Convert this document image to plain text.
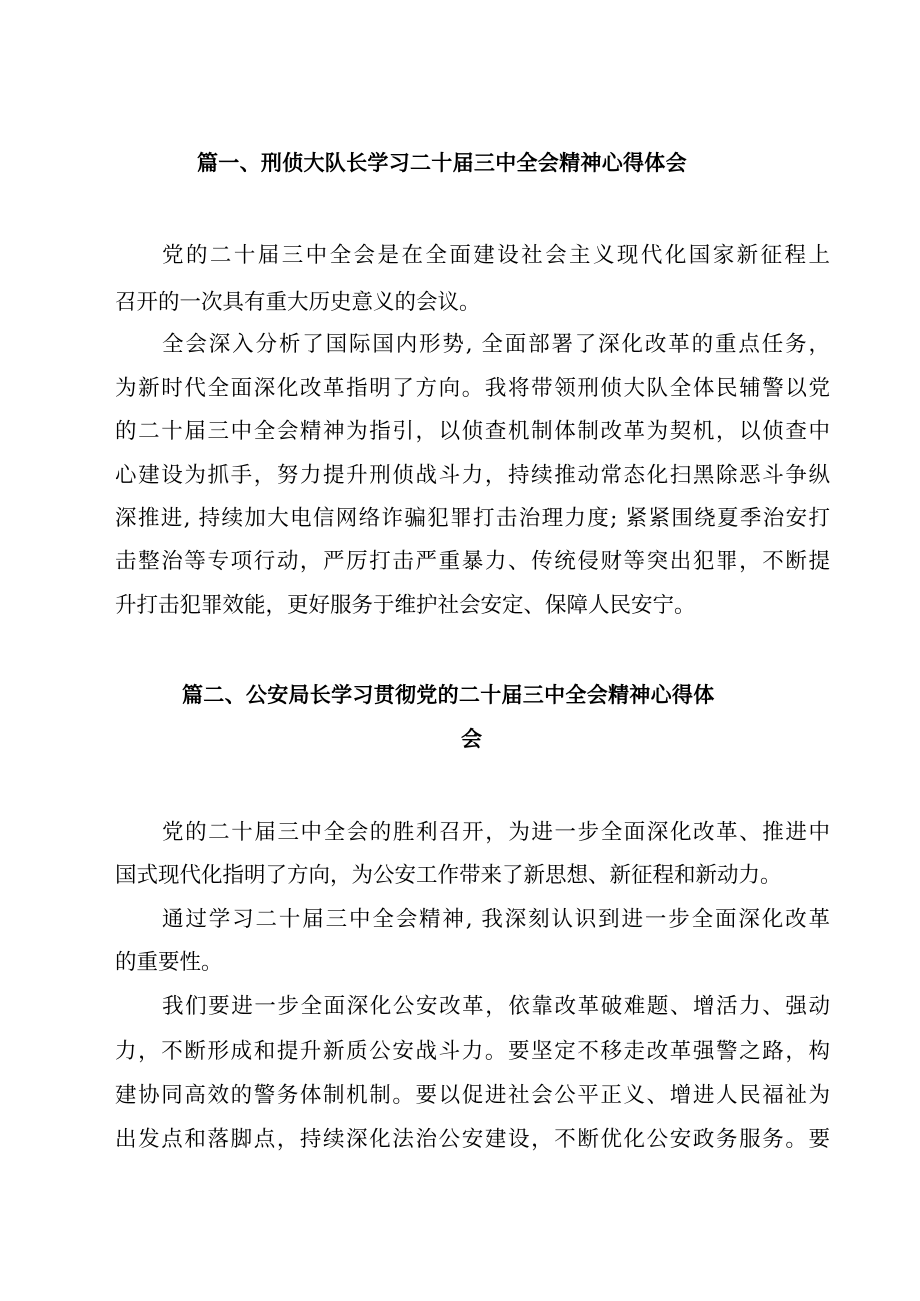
篇一、刑侦大队长学习二十届三中全会精神心得体会
党的二十届三中全会是在全面建设社会主义现代化国家新征程上
召开的一次具有重大历史意义的会议。
全会深入分析了国际国内形势, 全面部署了深化改革的重点任务，
为新时代全面深化改革指明了方向。我将带领刑侦大队全体民辅警以党
的二十届三中全会精神为指引，以侦查机制体制改革为契机，以侦查中
心建设为抓手，努力提升刑侦战斗力，持续推动常态化扫黑除恶斗争纵
深推进, 持续加大电信网络诈骗犯罪打击治理力度; 紧紧围绕夏季治安打
击整治等专项行动，严厉打击严重暴力、传统侵财等突出犯罪，不断提
升打击犯罪效能，更好服务于维护社会安定、保障人民安宁。
篇二、公安局长学习贯彻党的二十届三中全会精神心得体
会
党的二十届三中全会的胜利召开，为进一步全面深化改革、推进中
国式现代化指明了方向，为公安工作带来了新思想、新征程和新动力。
通过学习二十届三中全会精神, 我深刻认识到进一步全面深化改革
的重要性。
我们要进一步全面深化公安改革，依靠改革破难题、增活力、强动
力，不断形成和提升新质公安战斗力。要坚定不移走改革强警之路，构
建协同高效的警务体制机制。要以促进社会公平正义、增进人民福祉为
出发点和落脚点，持续深化法治公安建设，不断优化公安政务服务。要
